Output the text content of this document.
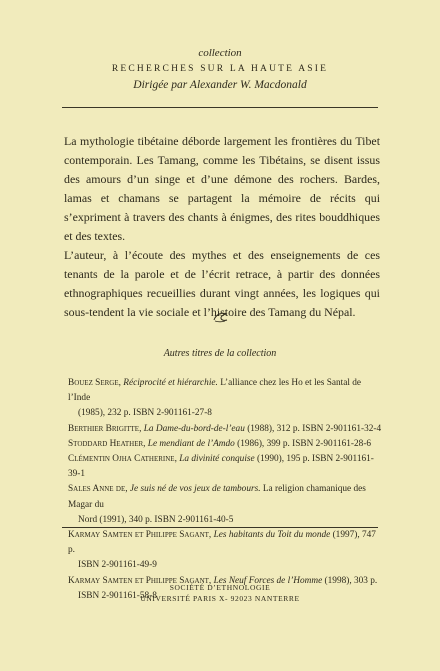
collection
RECHERCHES SUR LA HAUTE ASIE
Dirigée par Alexander W. Macdonald

La mythologie tibétaine déborde largement les frontières du Tibet contemporain. Les Tamang, comme les Tibétains, se disent issus des amours d’un singe et d’une démone des rochers. Bardes, lamas et chamans se partagent la mémoire de récits qui s’expriment à travers des chants à énigmes, des rites bouddhiques et des textes.

L’auteur, à l’écoute des mythes et des enseignements de ces tenants de la parole et de l’écrit retrace, à partir des données ethnographiques recueillies durant vingt années, les logiques qui sous-tendent la vie sociale et l’histoire des Tamang du Népal.

Autres titres de la collection
Bouez Serge, Réciprocité et hiérarchie. L’alliance chez les Ho et les Santal de l’Inde
(1985), 232 p. ISBN 2-901161-27-8
Berthier Brigitte, La Dame-du-bord-de-l’eau (1988), 312 p. ISBN 2-901161-32-4
Stoddard Heather, Le mendiant de l’Amdo (1986), 399 p. ISBN 2-901161-28-6
Clémentin Ojha Catherine, La divinité conquise (1990), 195 p. ISBN 2-901161-39-1
Sales Anne de, Je suis né de vos jeux de tambours. La religion chamanique des Magar du
Nord (1991), 340 p. ISBN 2-901161-40-5
Karmay Samten et Philippe Sagant, Les habitants du Toit du monde (1997), 747 p.
ISBN 2-901161-49-9
Karmay Samten et Philippe Sagant, Les Neuf Forces de l’Homme (1998), 303 p.
ISBN 2-901161-58-8
SOCIÉTÉ D’ETHNOLOGIE
UNIVERSITÉ PARIS X- 92023 NANTERRE
